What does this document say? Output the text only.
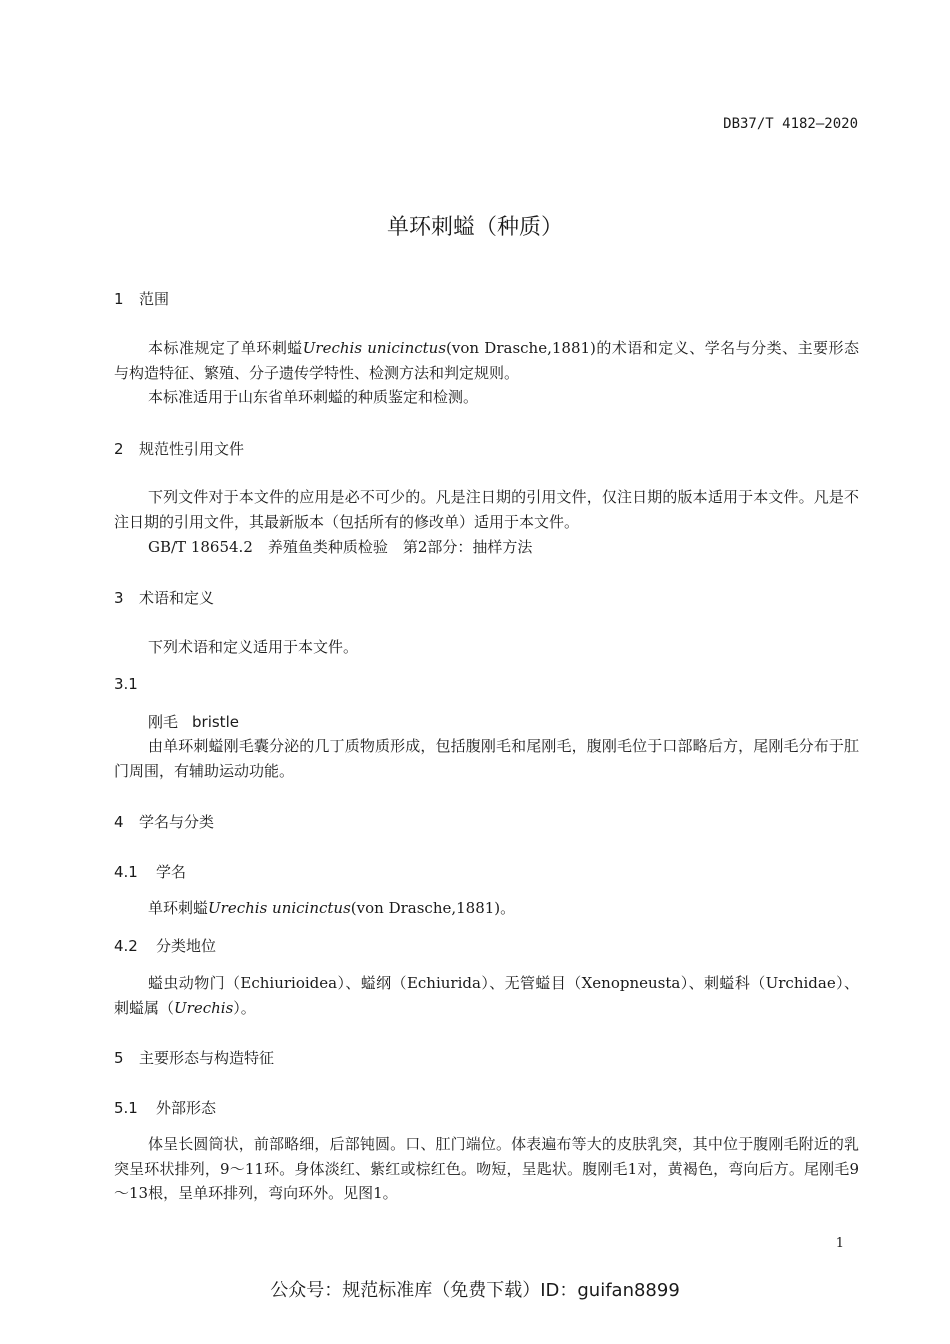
DB37/T 4182—2020
单环刺螠（种质）
1 范围
本标准规定了单环刺螠Urechis unicinctus(von Drasche,1881)的术语和定义、学名与分类、主要形态与构造特征、繁殖、分子遗传学特性、检测方法和判定规则。
本标准适用于山东省单环刺螠的种质鉴定和检测。
2 规范性引用文件
下列文件对于本文件的应用是必不可少的。凡是注日期的引用文件，仅注日期的版本适用于本文件。凡是不注日期的引用文件，其最新版本（包括所有的修改单）适用于本文件。
GB/T 18654.2　养殖鱼类种质检验　第2部分：抽样方法
3 术语和定义
下列术语和定义适用于本文件。
3.1
刚毛 bristle
由单环刺螠刚毛囊分泌的几丁质物质形成，包括腹刚毛和尾刚毛，腹刚毛位于口部略后方，尾刚毛分布于肛门周围，有辅助运动功能。
4 学名与分类
4.1 学名
单环刺螠Urechis unicinctus(von Drasche,1881)。
4.2 分类地位
螠虫动物门（Echiurioidea）、螠纲（Echiurida）、无管螠目（Xenopneusta）、刺螠科（Urchidae）、刺螠属（Urechis）。
5 主要形态与构造特征
5.1 外部形态
体呈长圆筒状，前部略细，后部钝圆。口、肛门端位。体表遍布等大的皮肤乳突，其中位于腹刚毛附近的乳突呈环状排列，9～11环。身体淡红、紫红或棕红色。吻短，呈匙状。腹刚毛1对，黄褐色，弯向后方。尾刚毛9～13根，呈单环排列，弯向环外。见图1。
1
公众号：规范标准库（免费下载）ID：guifan8899
